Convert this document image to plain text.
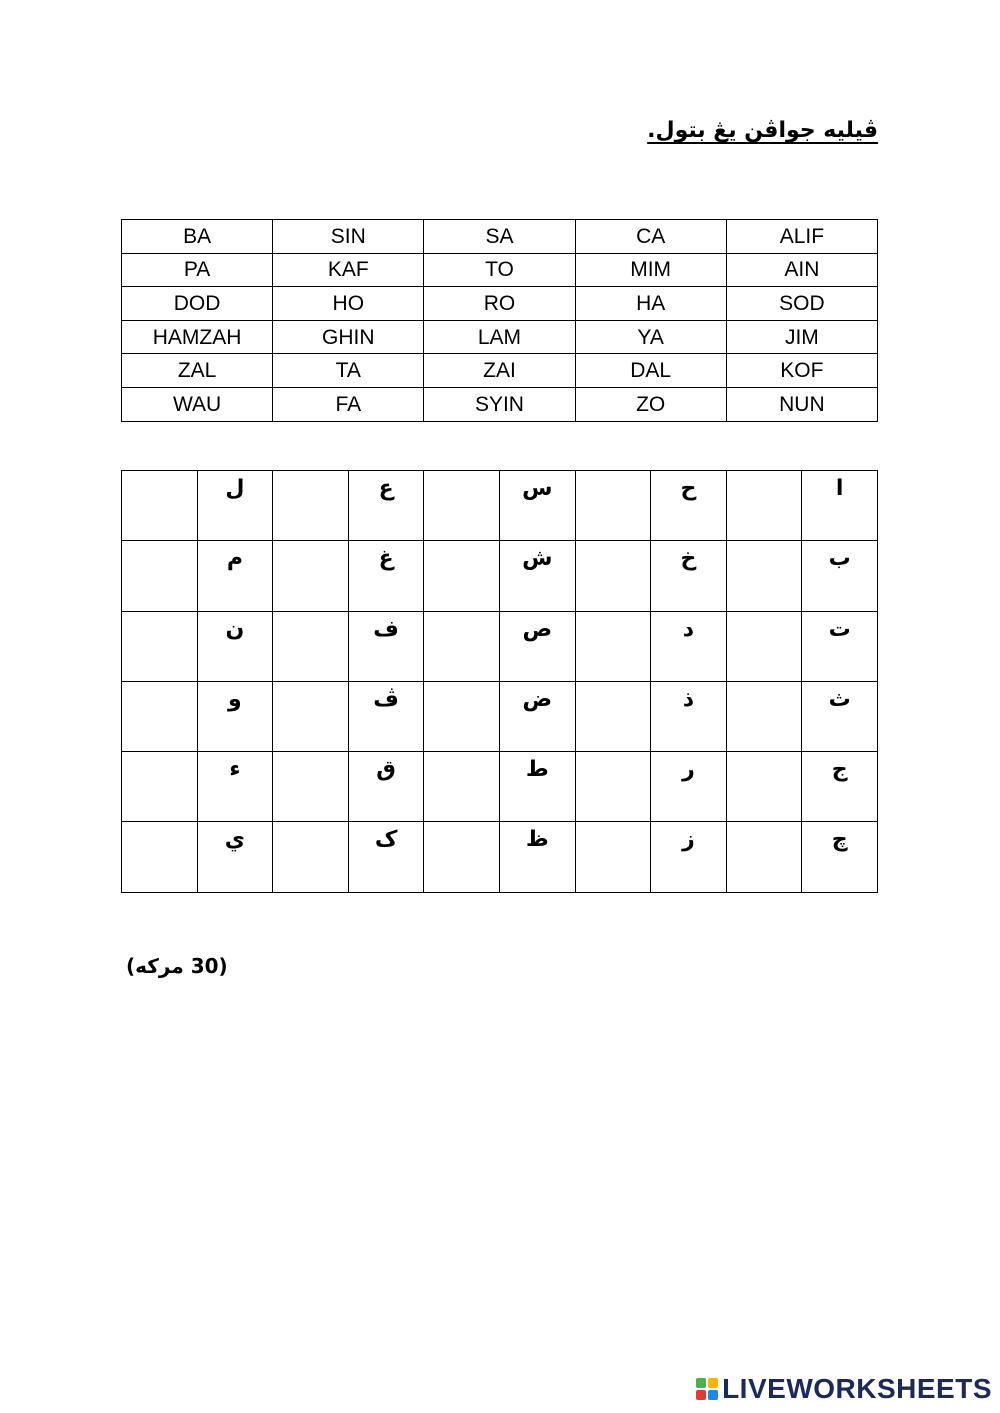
ڤيليه جواڤن يڠ بتول.
BA	SIN	SA	CA	ALIF
PA	KAF	TO	MIM	AIN
DOD	HO	RO	HA	SOD
HAMZAH	GHIN	LAM	YA	JIM
ZAL	TA	ZAI	DAL	KOF
WAU	FA	SYIN	ZO	NUN
	ل		ع		س		ح		ا
	م		غ		ش		خ		ب
	ن		ف		ص		د		ت
	و		ڤ		ض		ذ		ث
	ء		ق		ط		ر		ج
	ي		ک		ظ		ز		چ
(30 مركه)
LIVEWORKSHEETS
